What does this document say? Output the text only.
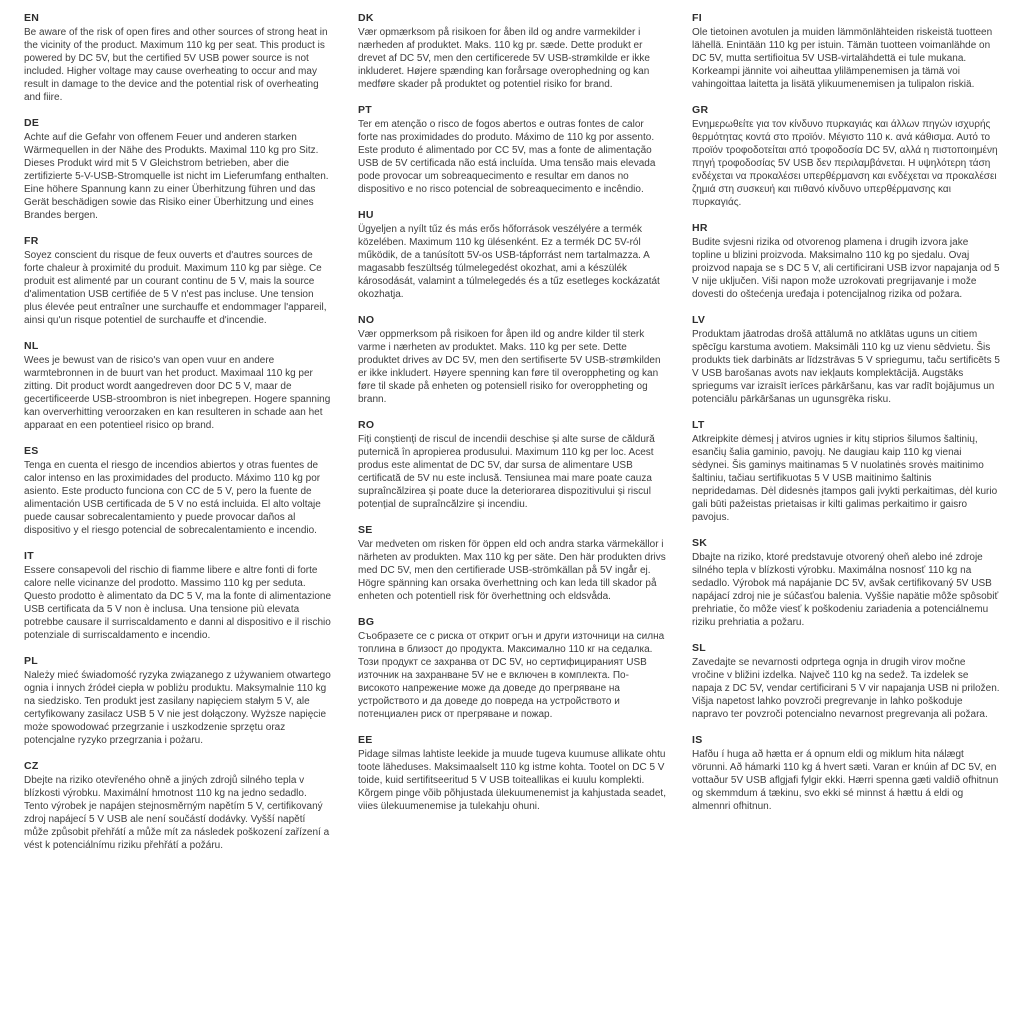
EN

Be aware of the risk of open fires and other sources of strong heat in the vicinity of the product. Maximum 110 kg per seat. This product is powered by DC 5V, but the certified 5V USB power source is not included. Higher voltage may cause overheating to occur and may result in damage to the device and the potential risk of overheating and fiire.

DE

Achte auf die Gefahr von offenem Feuer und anderen starken Wärmequellen in der Nähe des Produkts. Maximal 110 kg pro Sitz. Dieses Produkt wird mit 5 V Gleichstrom betrieben, aber die zertifizierte 5-V-USB-Stromquelle ist nicht im Lieferumfang enthalten. Eine höhere Spannung kann zu einer Überhitzung führen und das Gerät beschädigen sowie das Risiko einer Überhitzung und eines Brandes bergen.

FR

Soyez conscient du risque de feux ouverts et d'autres sources de forte chaleur à proximité du produit. Maximum 110 kg par siège. Ce produit est alimenté par un courant continu de 5 V, mais la source d'alimentation USB certifiée de 5 V n'est pas incluse. Une tension plus élevée peut entraîner une surchauffe et endommager l'appareil, ainsi qu'un risque potentiel de surchauffe et d'incendie.

NL

Wees je bewust van de risico's van open vuur en andere warmtebronnen in de buurt van het product. Maximaal 110 kg per zitting. Dit product wordt aangedreven door DC 5 V, maar de gecertificeerde USB-stroombron is niet inbegrepen. Hogere spanning kan oververhitting veroorzaken en kan resulteren in schade aan het apparaat en een potentieel risico op brand.

ES

Tenga en cuenta el riesgo de incendios abiertos y otras fuentes de calor intenso en las proximidades del producto. Máximo 110 kg por asiento. Este producto funciona con CC de 5 V, pero la fuente de alimentación USB certificada de 5 V no está incluida. El alto voltaje puede causar sobrecalentamiento y puede provocar daños al dispositivo y el riesgo potencial de sobrecalentamiento e incendio.

IT

Essere consapevoli del rischio di fiamme libere e altre fonti di forte calore nelle vicinanze del prodotto. Massimo 110 kg per seduta. Questo prodotto è alimentato da DC 5 V, ma la fonte di alimentazione USB certificata da 5 V non è inclusa. Una tensione più elevata potrebbe causare il surriscaldamento e danni al dispositivo e il rischio potenziale di surriscaldamento e incendio.

PL

Należy mieć świadomość ryzyka związanego z używaniem otwartego ognia i innych źródeł ciepła w pobliżu produktu. Maksymalnie 110 kg na siedzisko. Ten produkt jest zasilany napięciem stałym 5 V, ale certyfikowany zasilacz USB 5 V nie jest dołączony. Wyższe napięcie może spowodować przegrzanie i uszkodzenie sprzętu oraz potencjalne ryzyko przegrzania i pożaru.

CZ

Dbejte na riziko otevřeného ohně a jiných zdrojů silného tepla v blízkosti výrobku. Maximální hmotnost 110 kg na jedno sedadlo. Tento výrobek je napájen stejnosměrným napětím 5 V, certifikovaný zdroj napájecí 5 V USB ale není součástí dodávky. Vyšší napětí může způsobit přehřátí a může mít za následek poškození zařízení a vést k potenciálnímu riziku přehřátí a požáru.

DK

Vær opmærksom på risikoen for åben ild og andre varmekilder i nærheden af produktet. Maks. 110 kg pr. sæde. Dette produkt er drevet af DC 5V, men den certificerede 5V USB-strømkilde er ikke inkluderet. Højere spænding kan forårsage overophedning og kan medføre skader på produktet og potentiel risiko for brand.

PT

Ter em atenção o risco de fogos abertos e outras fontes de calor forte nas proximidades do produto. Máximo de 110 kg por assento. Este produto é alimentado por CC 5V, mas a fonte de alimentação USB de 5V certificada não está incluída. Uma tensão mais elevada pode provocar um sobreaquecimento e resultar em danos no dispositivo e no risco potencial de sobreaquecimento e incêndio.

HU

Ügyeljen a nyílt tűz és más erős hőforrások veszélyére a termék közelében. Maximum 110 kg ülésenként. Ez a termék DC 5V-ról működik, de a tanúsított 5V-os USB-tápforrást nem tartalmazza. A magasabb feszültség túlmelegedést okozhat, ami a készülék károsodását, valamint a túlmelegedés és a tűz esetleges kockázatát okozhatja.

NO

Vær oppmerksom på risikoen for åpen ild og andre kilder til sterk varme i nærheten av produktet. Maks. 110 kg per sete. Dette produktet drives av DC 5V, men den sertifiserte 5V USB-strømkilden er ikke inkludert. Høyere spenning kan føre til overoppheting og kan føre til skade på enheten og potensiell risiko for overoppheting og brann.

RO

Fiți conștienți de riscul de incendii deschise și alte surse de căldură puternică în apropierea produsului. Maximum 110 kg per loc. Acest produs este alimentat de DC 5V, dar sursa de alimentare USB certificată de 5V nu este inclusă. Tensiunea mai mare poate cauza supraîncălzirea și poate duce la deteriorarea dispozitivului și riscul potențial de supraîncălzire și incendiu.

SE

Var medveten om risken för öppen eld och andra starka värmekällor i närheten av produkten. Max 110 kg per säte. Den här produkten drivs med DC 5V, men den certifierade USB-strömkällan på 5V ingår ej. Högre spänning kan orsaka överhettning och kan leda till skador på enheten och potentiell risk för överhettning och eldsvåda.

BG

Съобразете се с риска от открит огън и други източници на силна топлина в близост до продукта. Максимално 110 кг на седалка. Този продукт се захранва от DC 5V, но сертифицираният USB източник на захранване 5V не е включен в комплекта. По-високото напрежение може да доведе до прегряване на устройството и да доведе до повреда на устройството и потенциален риск от прегряване и пожар.

EE

Pidage silmas lahtiste leekide ja muude tugeva kuumuse allikate ohtu toote läheduses. Maksimaalselt 110 kg istme kohta. Tootel on DC 5 V toide, kuid sertifitseeritud 5 V USB toiteallikas ei kuulu komplekti. Kõrgem pinge võib põhjustada ülekuumenemist ja kahjustada seadet, viies ülekuumenemise ja tulekahju ohuni.

FI

Ole tietoinen avotulen ja muiden lämmönlähteiden riskeistä tuotteen lähellä. Enintään 110 kg per istuin. Tämän tuotteen voimanlähde on DC 5V, mutta sertifioitua 5V USB-virtalähdettä ei tule mukana. Korkeampi jännite voi aiheuttaa ylilämpenemisen ja tämä voi vahingoittaa laitetta ja lisätä ylikuumenemisen ja tulipalon riskiä.

GR

Ενημερωθείτε για τον κίνδυνο πυρκαγιάς και άλλων πηγών ισχυρής θερμότητας κοντά στο προϊόν. Μέγιστο 110 κ. ανά κάθισμα. Αυτό το προϊόν τροφοδοτείται από τροφοδοσία DC 5V, αλλά η πιστοποιημένη πηγή τροφοδοσίας 5V USB δεν περιλαμβάνεται. Η υψηλότερη τάση ενδέχεται να προκαλέσει υπερθέρμανση και ενδέχεται να προκαλέσει ζημιά στη συσκευή και πιθανό κίνδυνο υπερθέρμανσης και πυρκαγιάς.

HR

Budite svjesni rizika od otvorenog plamena i drugih izvora jake topline u blizini proizvoda. Maksimalno 110 kg po sjedalu. Ovaj proizvod napaja se s DC 5 V, ali certificirani USB izvor napajanja od 5 V nije uključen. Viši napon može uzrokovati pregrijavanje i može dovesti do oštećenja uređaja i potencijalnog rizika od požara.

LV

Produktam jāatrodas drošā attālumā no atklātas uguns un citiem spēcīgu karstuma avotiem. Maksimāli 110 kg uz vienu sēdvietu. Šis produkts tiek darbināts ar līdzstrāvas 5 V spriegumu, taču sertificēts 5 V USB barošanas avots nav iekļauts komplektācijā. Augstāks spriegums var izraisīt ierīces pārkāršanu, kas var radīt bojājumus un potenciālu pārkāršanas un ugunsgrēka risku.

LT

Atkreipkite dėmesį į atviros ugnies ir kitų stiprios šilumos šaltinių, esančių šalia gaminio, pavojų. Ne daugiau kaip 110 kg vienai sėdynei. Šis gaminys maitinamas 5 V nuolatinės srovės maitinimo šaltiniu, tačiau sertifikuotas 5 V USB maitinimo šaltinis nepridedamas. Dėl didesnės įtampos gali įvykti perkaitimas, dėl kurio gali būti pažeistas prietaisas ir kilti galimas perkaitimo ir gaisro pavojus.

SK

Dbajte na riziko, ktoré predstavuje otvorený oheň alebo iné zdroje silného tepla v blízkosti výrobku. Maximálna nosnosť 110 kg na sedadlo. Výrobok má napájanie DC 5V, avšak certifikovaný 5V USB napájací zdroj nie je súčasťou balenia. Vyššie napätie môže spôsobiť prehriatie, čo môže viesť k poškodeniu zariadenia a potenciálnemu riziku prehriatia a požaru.

SL

Zavedajte se nevarnosti odprtega ognja in drugih virov močne vročine v bližini izdelka. Največ 110 kg na sedež. Ta izdelek se napaja z DC 5V, vendar certificirani 5 V vir napajanja USB ni priložen. Višja napetost lahko povzroči pregrevanje in lahko poškoduje napravo ter povzroči potencialno nevarnost pregrevanja ali požara.

IS

Hafðu í huga að hætta er á opnum eldi og miklum hita nálægt vörunni. Að hámarki 110 kg á hvert sæti. Varan er knúin af DC 5V, en vottaður 5V USB aflgjafi fylgir ekki. Hærri spenna gæti valdið ofhitnun og skemmdum á tækinu, svo ekki sé minnst á hættu á eldi og almennri ofhitnun.
